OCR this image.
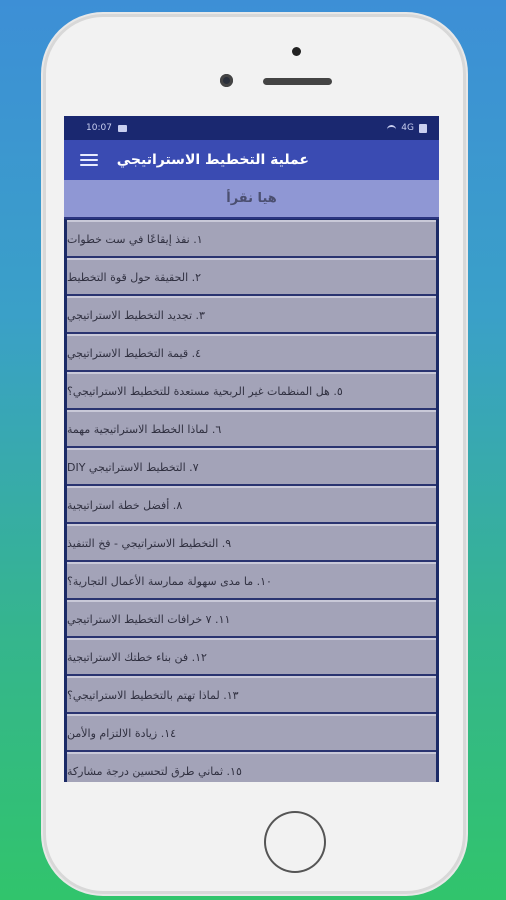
10:07	4G
عملية التخطيط الاستراتيجي
هيا نقرأ
١. نفذ إيقاعًا في ست خطوات
٢. الحقيقة حول قوة التخطيط
٣. تجديد التخطيط الاستراتيجي
٤. قيمة التخطيط الاستراتيجي
٥. هل المنظمات غير الربحية مستعدة للتخطيط الاستراتيجي؟
٦. لماذا الخطط الاستراتيجية مهمة
٧. التخطيط الاستراتيجي DIY
٨. أفضل خطة استراتيجية
٩. التخطيط الاستراتيجي - فخ التنفيذ
١٠. ما مدى سهولة ممارسة الأعمال التجارية؟
١١. ٧ خرافات التخطيط الاستراتيجي
١٢. فن بناء خطتك الاستراتيجية
١٣. لماذا تهتم بالتخطيط الاستراتيجي؟
١٤. زيادة الالتزام والأمن
١٥. ثماني طرق لتحسين درجة مشاركة
